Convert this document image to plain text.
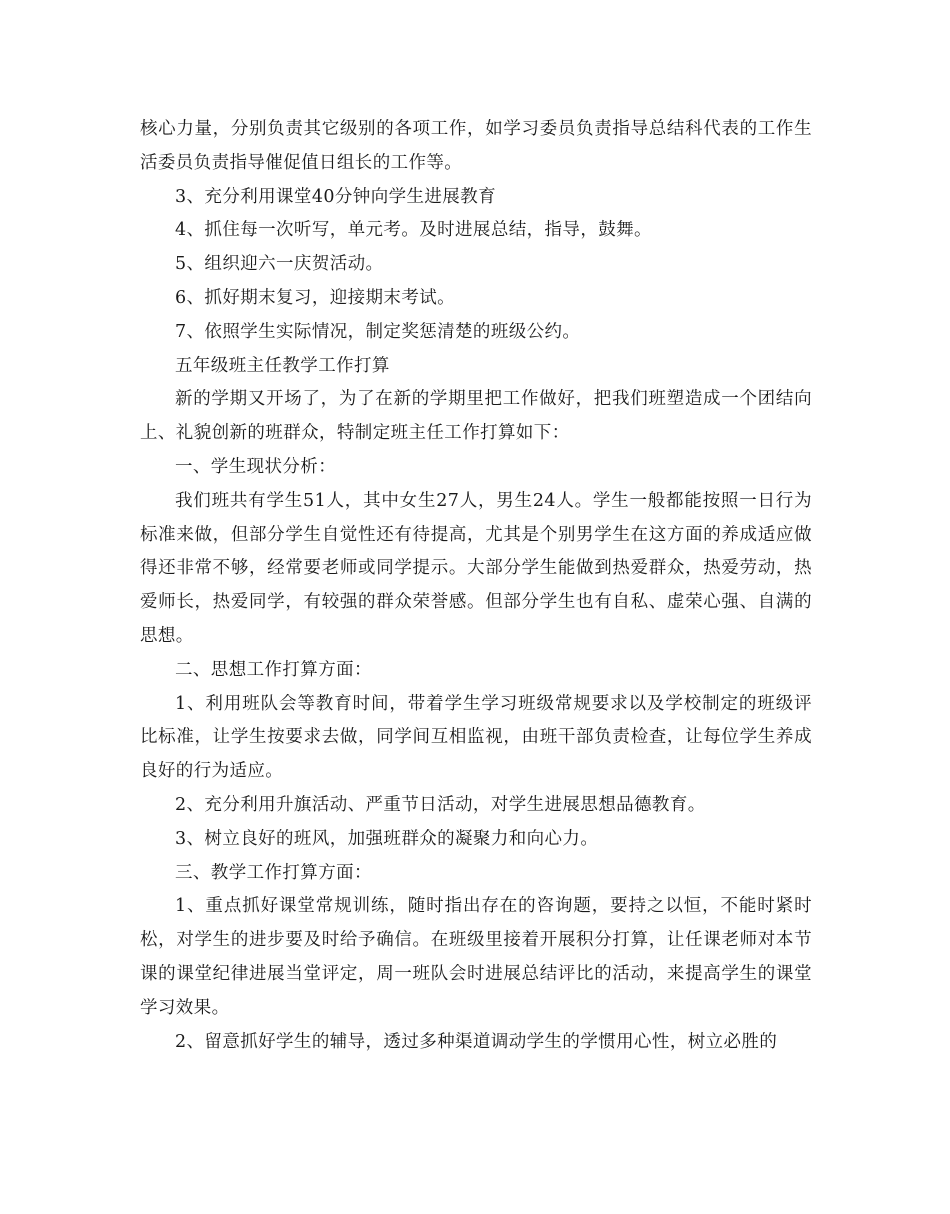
核心力量，分别负责其它级别的各项工作，如学习委员负责指导总结科代表的工作生活委员负责指导催促值日组长的工作等。

3、充分利用课堂40分钟向学生进展教育

4、抓住每一次听写，单元考。及时进展总结，指导，鼓舞。

5、组织迎六一庆贺活动。

6、抓好期末复习，迎接期末考试。

7、依照学生实际情况，制定奖惩清楚的班级公约。

五年级班主任教学工作打算

新的学期又开场了，为了在新的学期里把工作做好，把我们班塑造成一个团结向上、礼貌创新的班群众，特制定班主任工作打算如下：

一、学生现状分析：

我们班共有学生51人，其中女生27人，男生24人。学生一般都能按照一日行为标准来做，但部分学生自觉性还有待提高，尤其是个别男学生在这方面的养成适应做得还非常不够，经常要老师或同学提示。大部分学生能做到热爱群众，热爱劳动，热爱师长，热爱同学，有较强的群众荣誉感。但部分学生也有自私、虚荣心强、自满的思想。

二、思想工作打算方面：

1、利用班队会等教育时间，带着学生学习班级常规要求以及学校制定的班级评比标准，让学生按要求去做，同学间互相监视，由班干部负责检查，让每位学生养成良好的行为适应。

2、充分利用升旗活动、严重节日活动，对学生进展思想品德教育。

3、树立良好的班风，加强班群众的凝聚力和向心力。

三、教学工作打算方面：

1、重点抓好课堂常规训练，随时指出存在的咨询题，要持之以恒，不能时紧时松，对学生的进步要及时给予确信。在班级里接着开展积分打算，让任课老师对本节课的课堂纪律进展当堂评定，周一班队会时进展总结评比的活动，来提高学生的课堂学习效果。

2、留意抓好学生的辅导，透过多种渠道调动学生的学惯用心性，树立必胜的
